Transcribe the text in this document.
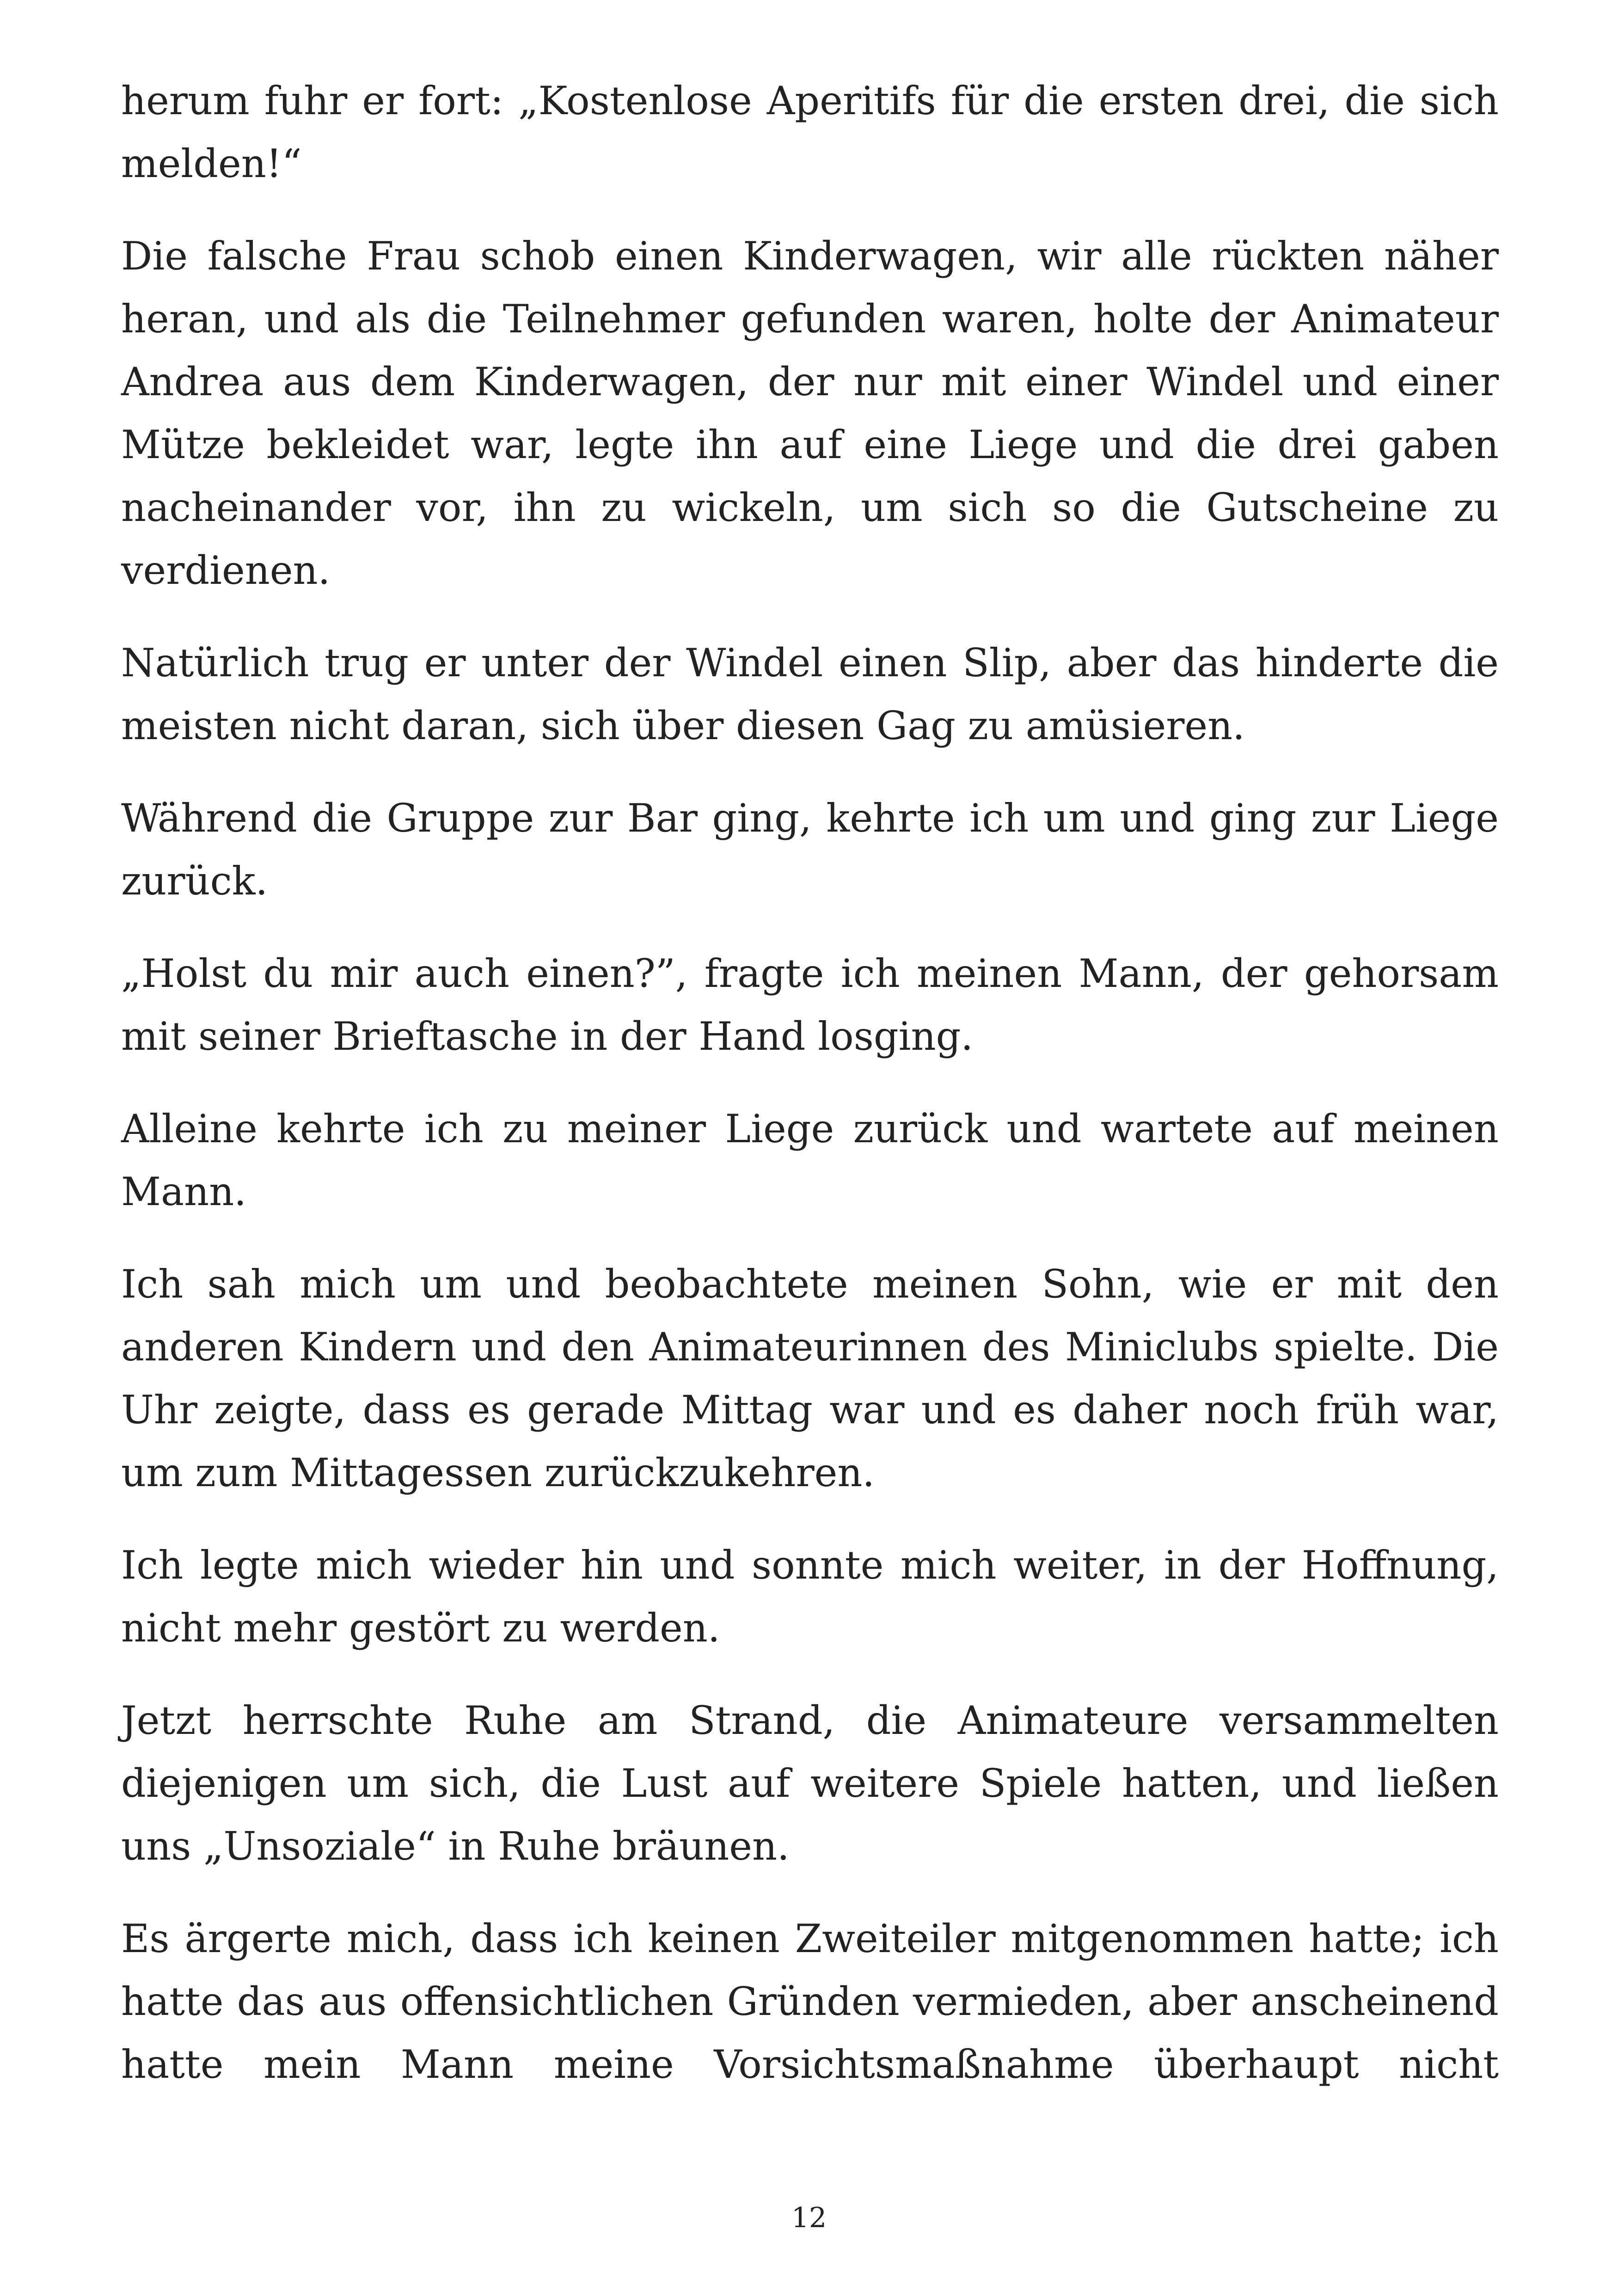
herum fuhr er fort: „Kostenlose Aperitifs für die ersten drei, die sich melden!“

Die falsche Frau schob einen Kinderwagen, wir alle rückten näher heran, und als die Teilnehmer gefunden waren, holte der Animateur Andrea aus dem Kinderwagen, der nur mit einer Windel und einer Mütze bekleidet war, legte ihn auf eine Liege und die drei gaben nacheinander vor, ihn zu wickeln, um sich so die Gutscheine zu verdienen.

Natürlich trug er unter der Windel einen Slip, aber das hinderte die meisten nicht daran, sich über diesen Gag zu amüsieren.

Während die Gruppe zur Bar ging, kehrte ich um und ging zur Liege zurück.

„Holst du mir auch einen?”, fragte ich meinen Mann, der gehorsam mit seiner Brieftasche in der Hand losging.

Alleine kehrte ich zu meiner Liege zurück und wartete auf meinen Mann.

Ich sah mich um und beobachtete meinen Sohn, wie er mit den anderen Kindern und den Animateurinnen des Miniclubs spielte. Die Uhr zeigte, dass es gerade Mittag war und es daher noch früh war, um zum Mittagessen zurückzukehren.

Ich legte mich wieder hin und sonnte mich weiter, in der Hoffnung, nicht mehr gestört zu werden.

Jetzt herrschte Ruhe am Strand, die Animateure versammelten diejenigen um sich, die Lust auf weitere Spiele hatten, und ließen uns „Unsoziale“ in Ruhe bräunen.

Es ärgerte mich, dass ich keinen Zweiteiler mitgenommen hatte; ich hatte das aus offensichtlichen Gründen vermieden, aber anscheinend hatte mein Mann meine Vorsichtsmaßnahme überhaupt nicht

12
